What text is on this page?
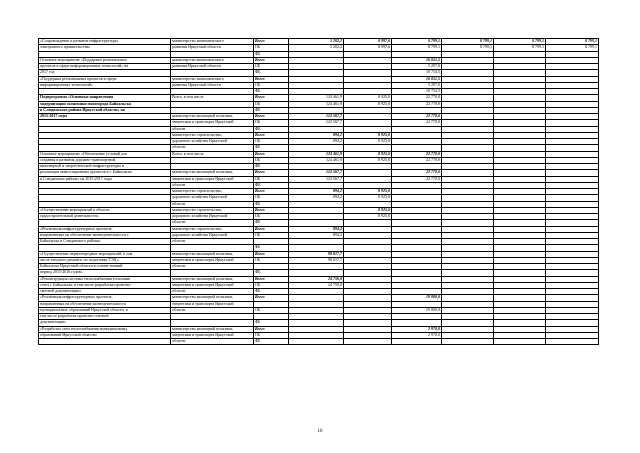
«Сопровождение и развитие инфраструктуры	министерство экономического	Всего	5 202,2	8 997,6	8 799,1	8 799,1	8 799,1	8 799,1
электронного правительства»	развития Иркутской области	ОБ	5 202,2	8 997,6	8 799,1	8 799,1	8 799,1	8 799,1
		ФБ						
Основное мероприятие «Поддержка региональных	министерство экономического	Всего			16 051,5			
проектов в сфере информационных технологий» на	развития Иркутской области	ОБ			5 297,0			
2017 год		ФБ			10 754,5			
«Поддержка региональных проектов в сфере	министерство экономического	Всего			16 051,5			
информационных технологий»	развития Иркутской области	ОБ			5 297,0			
		ФБ			10 754,5			
Подпрограмма «Основные направления	Всего, в том числе	Всего	124 461,9	8 925,0	22 770,0			
модернизации экономики моногорода Байкальска		ОБ	124 461,9	8 925,0	22 770,0			
и Слюдянского района Иркутской области» на		ФБ						
2015-2017 годы	министерство жилищной политики,	Всего	123 567,7		22 770,0			
	энергетики и транспорта Иркутской	ОБ	123 567,7		22 770,0			
	области	ФБ						
	министерство строительства,	Всего	894,2	8 925,0				
	дорожного хозяйства Иркутской	ОБ	894,2	8 925,0				
	области	ФБ						
Основное мероприятие «Обеспечение условий для	Всего, в том числе	Всего	124 461,9	8 925,0	22 770,0			
создания и развития дорожно-транспортной,		ОБ	124 461,9	8 925,0	22 770,0			
инженерной и энергетической инфраструктуры и		ФБ						
реализация инвестиционных проектов в г. Байкальске	министерство жилищной политики,	Всего	123 567,7		22 770,0			
и Слюдянском районе» на 2015-2017 годы	энергетики и транспорта Иркутской	ОБ	123 567,7		22 770,0			
	области	ФБ						
	министерство строительства,	Всего	894,2	8 925,0				
	дорожного хозяйства Иркутской	ОБ	894,2	8 925,0				
	области	ФБ						
«Осуществление мероприятий в области	министерство строительства,	Всего		8 925,0				
градостроительной деятельности»	дорожного хозяйства Иркутской	ОБ		8 925,0				
	области	ФБ						
«Реализация инфраструктурных проектов,	министерство строительства,	Всего	894,2					
направленных на обеспечение жизнедеятельности г.	дорожного хозяйства Иркутской	ОБ	894,2					
Байкальска и Слюдянского района»	области							
		ФБ						
«Осуществление первоочередных мероприятий, в том	министерство жилищной политики,	Всего	98 817,7					
числе текущего ремонта, по подготовке ТЭЦ г.	энергетики и транспорта Иркутской	ОБ	98 817,7					
Байкальска Иркутской области в осенне-зимний	области							
период 2015-2016 годов»		ФБ						
«Реконструкция системы теплоснабжения (тепловые	министерство жилищной политики,	Всего	24 750,0					
сети) г. Байкальска, в том числе разработка проектно-	энергетики и транспорта Иркутской	ОБ	24 750,0					
сметной документации»	области	ФБ						
«Реализация инфраструктурных проектов,	министерство жилищной политики,	Всего			19 800,0			
направленных на обеспечение жизнедеятельности	энергетики и транспорта Иркутской							
муниципальных образований Иркутской области, в	области	ОБ			19 800,0			
том числе разработка проектно-сметной								
документации»		ФБ						
«Разработка схем теплоснабжения муниципальных	министерство жилищной политики,	Всего			2 970,0			
образований Иркутской области»	энергетики и транспорта Иркутской	ОБ			2 970,0			
	области	ФБ						
16
